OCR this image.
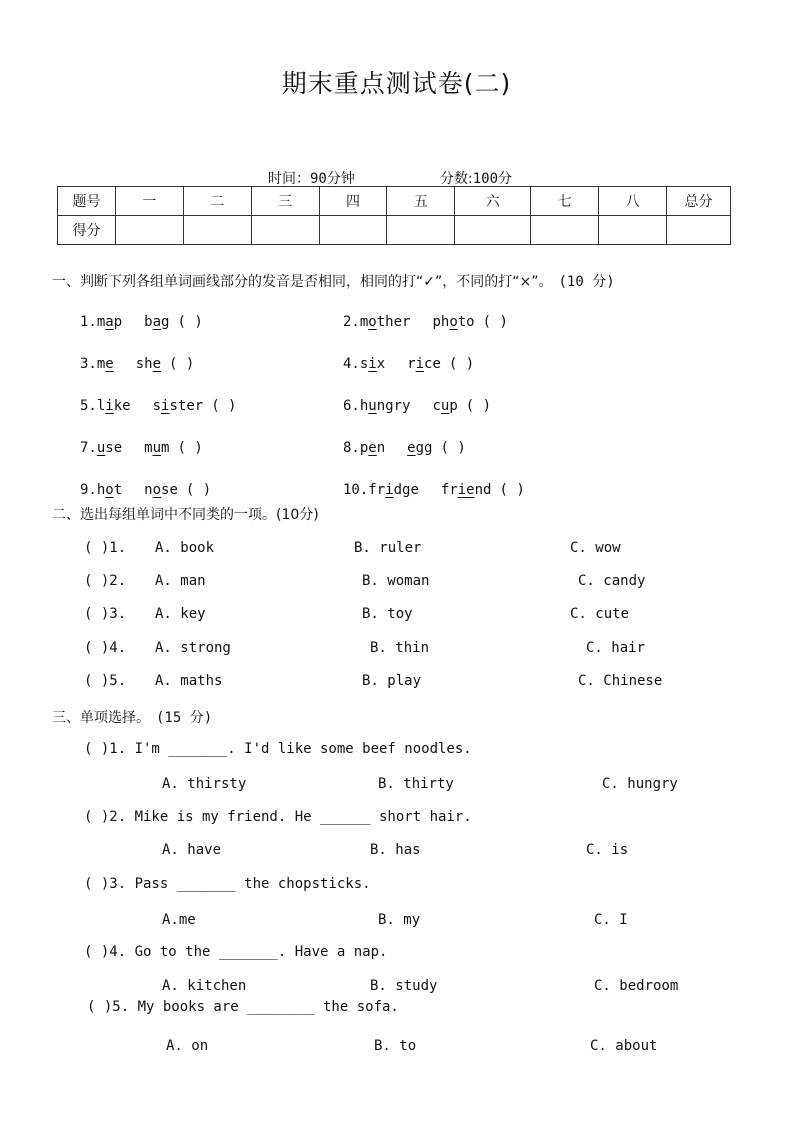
期末重点测试卷(二)
时间：90分钟	分数:100分
题号	一	二	三	四	五	六	七	八	总分
得分									
一、判断下列各组单词画线部分的发音是否相同，相同的打“✓”，不同的打“×”。 (10 分)
1.map bag ( )	2.mother photo ( )
3.me she ( )	4.six rice ( )
5.like sister ( )	6.hungry cup ( )
7.use mum ( )	8.pen egg ( )
9.hot nose ( )	10.fridge friend ( )
二、选出每组单词中不同类的一项。(10分)
( )1. A. book	B. ruler	C. wow
( )2. A. man	B. woman	C. candy
( )3. A. key	B. toy	C. cute
( )4. A. strong	B. thin	C. hair
( )5. A. maths	B. play	C. Chinese
三、单项选择。 (15 分)
( )1. I'm _______. I'd like some beef noodles.
A. thirsty	B. thirty	C. hungry
( )2. Mike is my friend. He ______ short hair.
A. have	B. has	C. is
( )3. Pass _______ the chopsticks.
A.me	B. my	C. I
( )4. Go to the _______. Have a nap.
A. kitchen	B. study	C. bedroom
( )5. My books are ________ the sofa.
A. on	B. to	C. about
